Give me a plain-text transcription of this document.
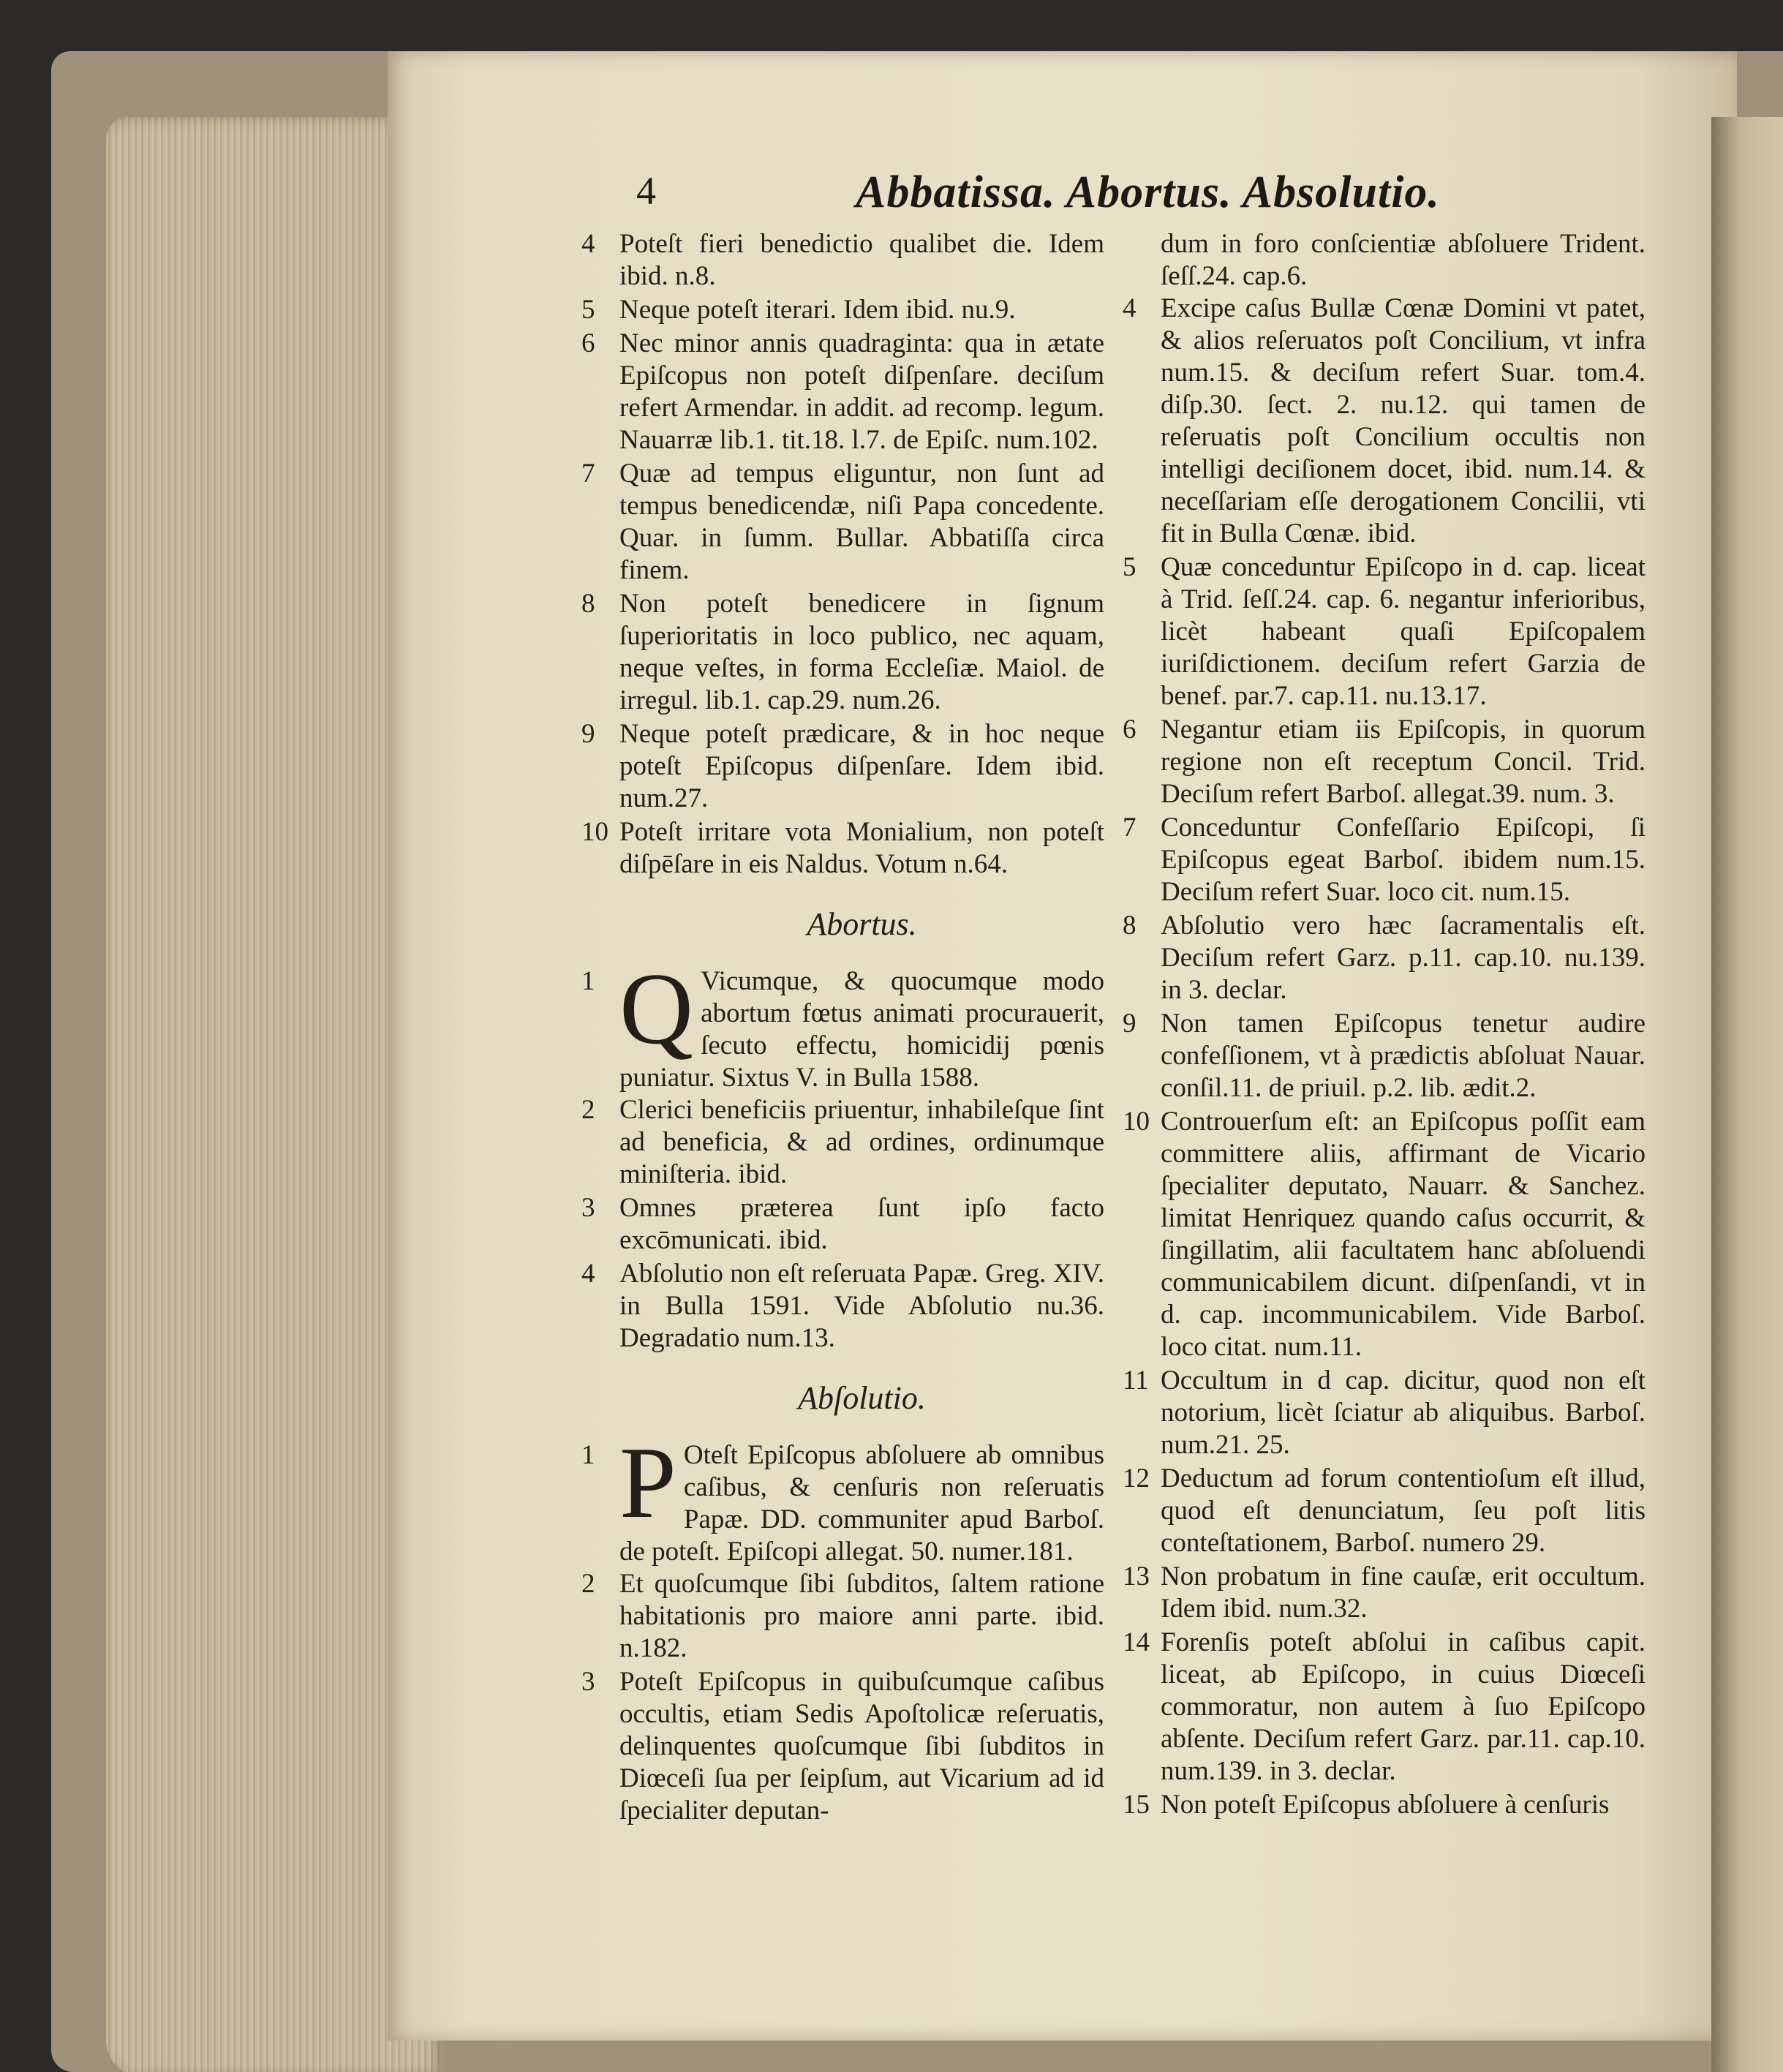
4	Abbatissa. Abortus. Absolutio.
4 Poteſt fieri benedictio qualibet die. Idem ibid. n.8.
5 Neque poteſt iterari. Idem ibid. nu.9.
6 Nec minor annis quadraginta: qua in ætate Epiſcopus non poteſt diſpenſare. deciſum refert Armendar. in addit. ad recomp. legum. Nauarræ lib.1. tit.18. l.7. de Epiſc. num.102.
7 Quæ ad tempus eliguntur, non ſunt ad tempus benedicendæ, niſi Papa concedente. Quar. in ſumm. Bullar. Abbatiſſa circa finem.
8 Non poteſt benedicere in ſignum ſuperioritatis in loco publico, nec aquam, neque veſtes, in forma Eccleſiæ. Maiol. de irregul. lib.1. cap.29. num.26.
9 Neque poteſt prædicare, & in hoc neque poteſt Epiſcopus diſpenſare. Idem ibid. num.27.
10 Poteſt irritare vota Monialium, non poteſt diſpēſare in eis Naldus. Votum n.64.
Abortus.
1 Q Vicumque, & quocumque modo abortum fœtus animati procurauerit, ſecuto effectu, homicidij pœnis puniatur. Sixtus V. in Bulla 1588.
2 Clerici beneficiis priuentur, inhabileſque ſint ad beneficia, & ad ordines, ordinumque miniſteria. ibid.
3 Omnes prætereа ſunt ipſo facto excōmunicati. ibid.
4 Abſolutio non eſt reſeruata Papæ. Greg. XIV. in Bulla 1591. Vide Abſolutio nu.36. Degradatio num.13.
Abſolutio.
1 P Oteſt Epiſcopus abſoluere ab omnibus caſibus, & cenſuris non reſeruatis Papæ. DD. communiter apud Barboſ. de poteſt. Epiſcopi allegat. 50. numer.181.
2 Et quoſcumque ſibi ſubditos, ſaltem ratione habitationis pro maiore anni parte. ibid. n.182.
3 Poteſt Epiſcopus in quibuſcumque caſibus occultis, etiam Sedis Apoſtolicæ reſeruatis, delinquentes quoſcumque ſibi ſubditos in Diœceſi ſua per ſeipſum, aut Vicarium ad id ſpecialiter deputan-
dum in foro conſcientiæ abſoluere Trident. ſeſſ.24. cap.6.
4 Excipe caſus Bullæ Cœnæ Domini vt patet, & alios reſeruatos poſt Concilium, vt infra num.15. & deciſum refert Suar. tom.4. diſp.30. ſect. 2. nu.12. qui tamen de reſeruatis poſt Concilium occultis non intelligi deciſionem docet, ibid. num.14. & neceſſariam eſſe derogationem Concilii, vti fit in Bulla Cœnæ. ibid.
5 Quæ conceduntur Epiſcopo in d. cap. liceat à Trid. ſeſſ.24. cap. 6. negantur inferioribus, licèt habeant quaſi Epiſcopalem iuriſdictionem. deciſum refert Garzia de benef. par.7. cap.11. nu.13.17.
6 Negantur etiam iis Epiſcopis, in quorum regione non eſt receptum Concil. Trid. Deciſum refert Barboſ. allegat.39. num. 3.
7 Conceduntur Confeſſario Epiſcopi, ſi Epiſcopus egeat Barboſ. ibidem num.15. Deciſum refert Suar. loco cit. num.15.
8 Abſolutio vero hæc ſacramentalis eſt. Deciſum refert Garz. p.11. cap.10. nu.139. in 3. declar.
9 Non tamen Epiſcopus tenetur audire confeſſionem, vt à prædictis abſoluat Nauar. conſil.11. de priuil. p.2. lib. ædit.2.
10 Controuerſum eſt: an Epiſcopus poſſit eam committere aliis, affirmant de Vicario ſpecialiter deputato, Nauarr. & Sanchez. limitat Henriquez quando caſus occurrit, & ſingillatim, alii facultatem hanc abſoluendi communicabilem dicunt. diſpenſandi, vt in d. cap. incommunicabilem. Vide Barboſ. loco citat. num.11.
11 Occultum in d cap. dicitur, quod non eſt notorium, licèt ſciatur ab aliquibus. Barboſ. num.21. 25.
12 Deductum ad forum contentioſum eſt illud, quod eſt denunciatum, ſeu poſt litis conteſtationem, Barboſ. numero 29.
13 Non probatum in fine cauſæ, erit occultum. Idem ibid. num.32.
14 Forenſis poteſt abſolui in caſibus capit. liceat, ab Epiſcopo, in cuius Diœceſi commoratur, non autem à ſuo Epiſcopo abſente. Deciſum refert Garz. par.11. cap.10. num.139. in 3. declar.
15 Non poteſt Epiſcopus abſoluere à cenſuris
